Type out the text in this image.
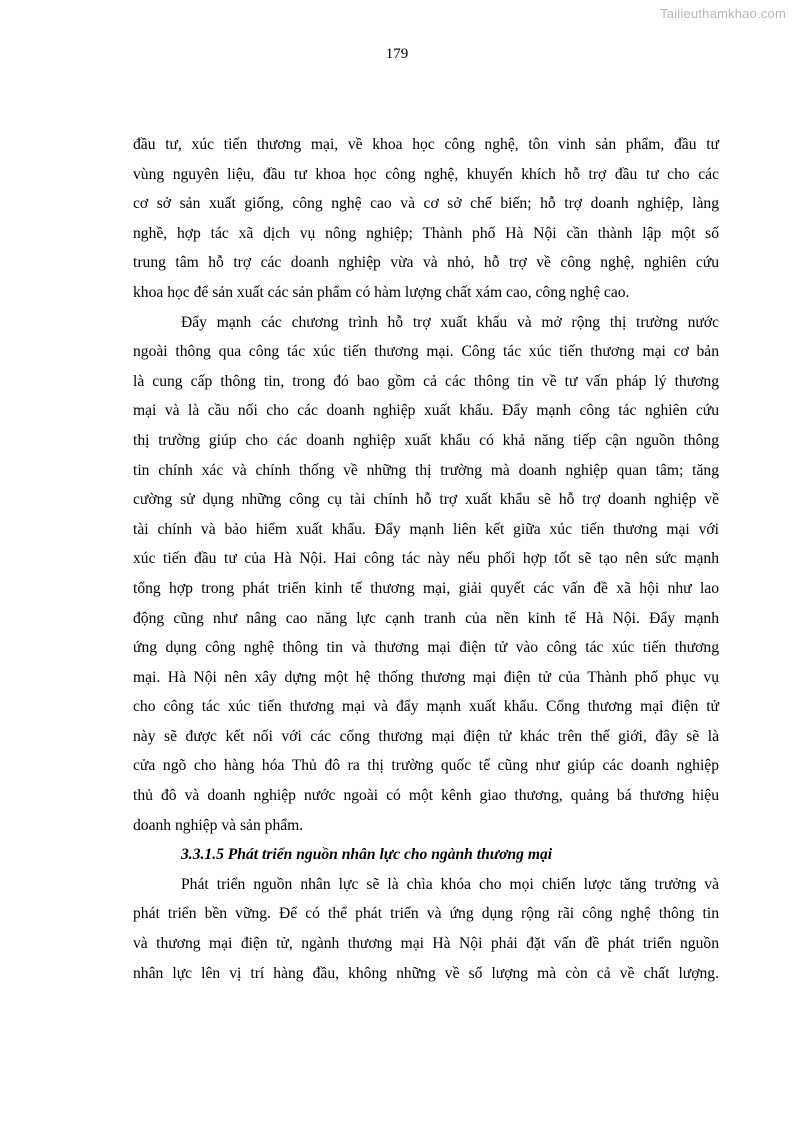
Tailieuthamkhao.com
179
đầu tư, xúc tiến thương mại, về khoa học công nghệ, tôn vinh sản phẩm, đầu tư
vùng nguyên liệu, đầu tư khoa học công nghệ, khuyến khích hỗ trợ đầu tư cho các
cơ sở sản xuất giống, công nghệ cao và cơ sở chế biến; hỗ trợ doanh nghiệp, làng
nghề, hợp tác xã dịch vụ nông nghiệp; Thành phố Hà Nội cần thành lập một số
trung tâm hỗ trợ các doanh nghiệp vừa và nhỏ, hỗ trợ về công nghệ, nghiên cứu
khoa học để sản xuất các sản phẩm có hàm lượng chất xám cao, công nghệ cao.
Đẩy mạnh các chương trình hỗ trợ xuất khẩu và mở rộng thị trường nước
ngoài thông qua công tác xúc tiến thương mại. Công tác xúc tiến thương mại cơ bản
là cung cấp thông tin, trong đó bao gồm cả các thông tin về tư vấn pháp lý thương
mại và là cầu nối cho các doanh nghiệp xuất khẩu. Đẩy mạnh công tác nghiên cứu
thị trường giúp cho các doanh nghiệp xuất khẩu có khả năng tiếp cận nguồn thông
tin chính xác và chính thống về những thị trường mà doanh nghiệp quan tâm; tăng
cường sử dụng những công cụ tài chính hỗ trợ xuất khẩu sẽ hỗ trợ doanh nghiệp về
tài chính và bảo hiểm xuất khẩu. Đẩy mạnh liên kết giữa xúc tiến thương mại với
xúc tiến đầu tư của Hà Nội. Hai công tác này nếu phối hợp tốt sẽ tạo nên sức mạnh
tổng hợp trong phát triển kinh tế thương mại, giải quyết các vấn đề xã hội như lao
động cũng như nâng cao năng lực cạnh tranh của nền kinh tế Hà Nội. Đẩy mạnh
ứng dụng công nghệ thông tin và thương mại điện tử vào công tác xúc tiến thương
mại. Hà Nội nên xây dựng một hệ thống thương mại điện tử của Thành phố phục vụ
cho công tác xúc tiến thương mại và đẩy mạnh xuất khẩu. Cổng thương mại điện tử
này sẽ được kết nối với các cổng thương mại điện tử khác trên thế giới, đây sẽ là
cửa ngõ cho hàng hóa Thủ đô ra thị trường quốc tế cũng như giúp các doanh nghiệp
thủ đô và doanh nghiệp nước ngoài có một kênh giao thương, quảng bá thương hiệu
doanh nghiệp và sản phẩm.
3.3.1.5 Phát triển nguồn nhân lực cho ngành thương mại
Phát triển nguồn nhân lực sẽ là chìa khóa cho mọi chiến lược tăng trưởng và
phát triển bền vững. Để có thể phát triển và ứng dụng rộng rãi công nghệ thông tin
và thương mại điện tử, ngành thương mại Hà Nội phải đặt vấn đề phát triển nguồn
nhân lực lên vị trí hàng đầu, không những về số lượng mà còn cả về chất lượng.
